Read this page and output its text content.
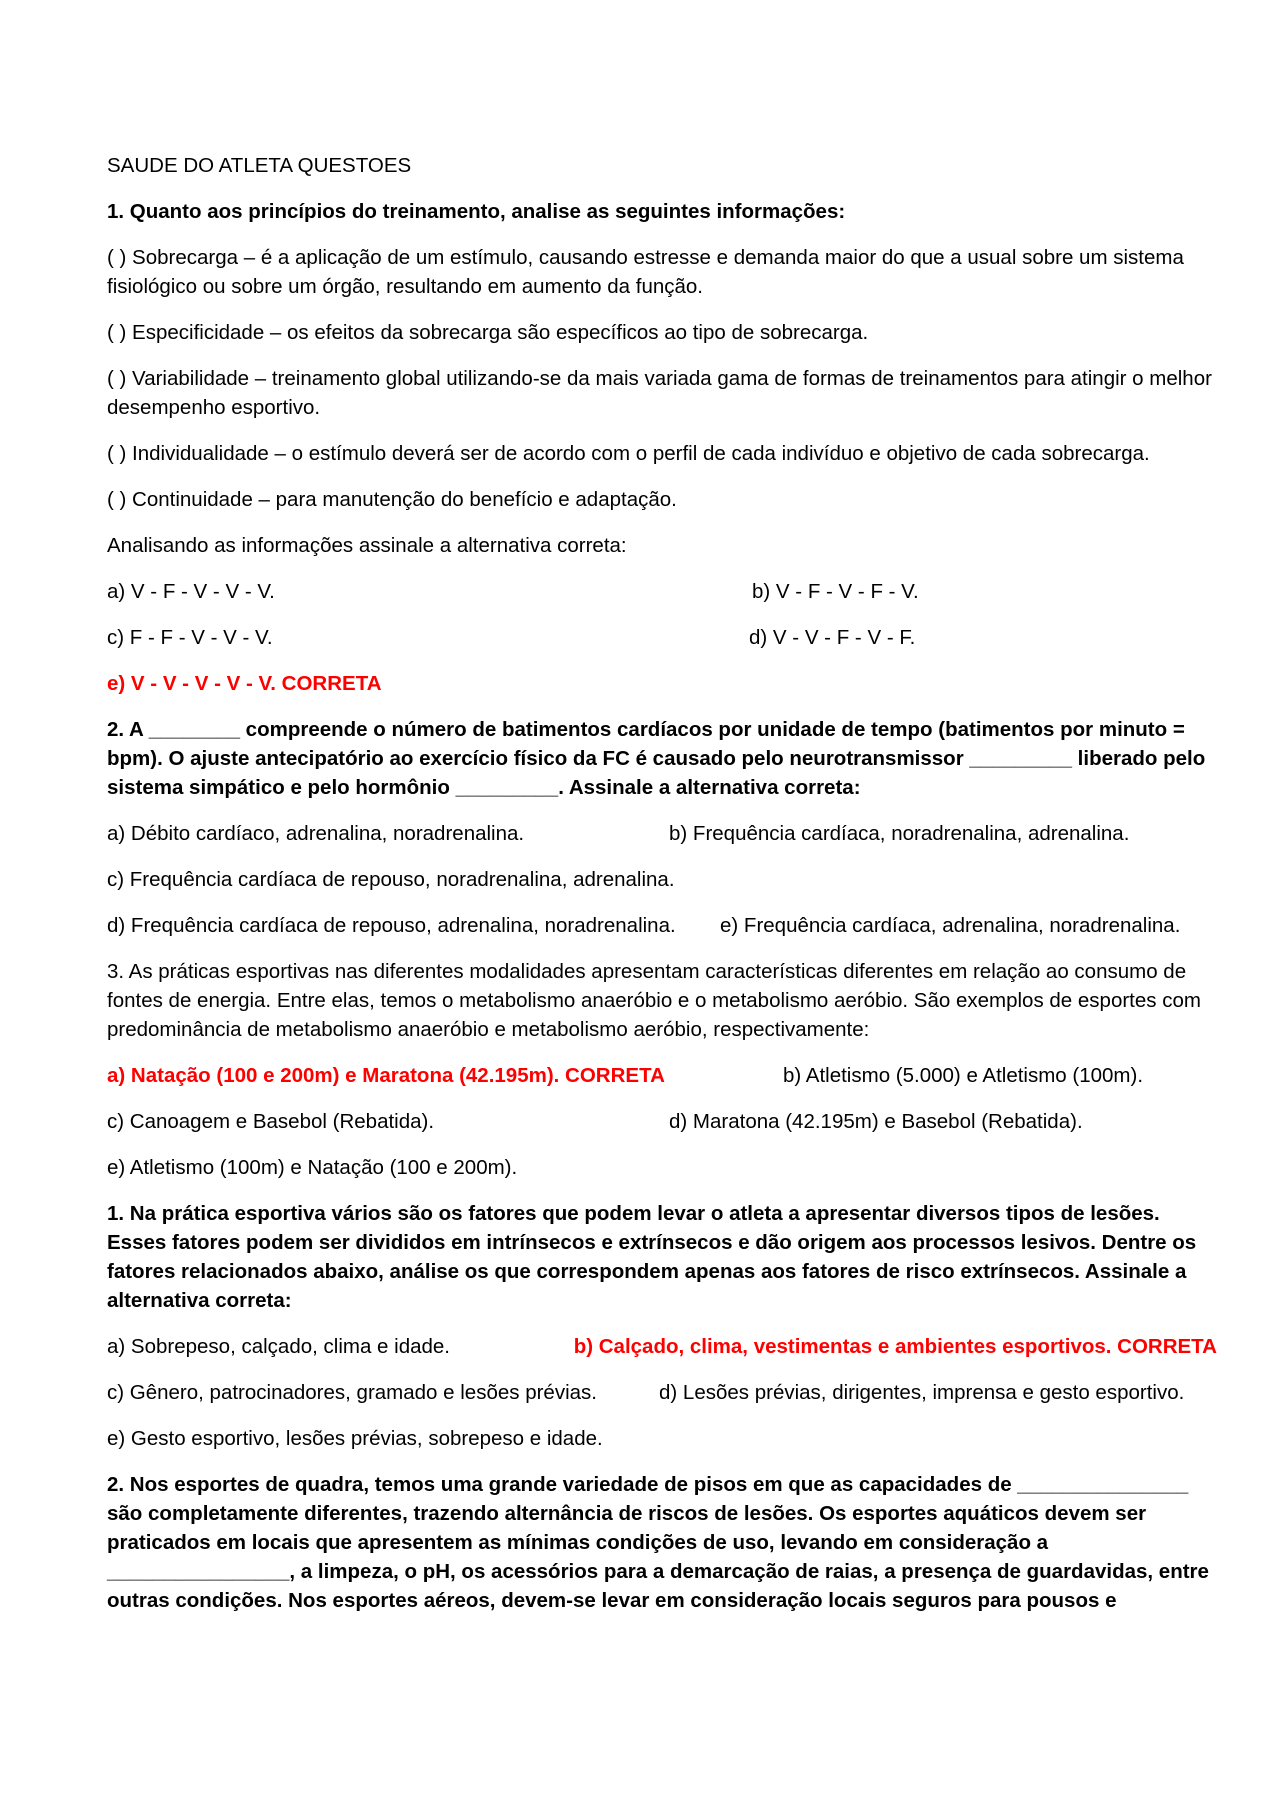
SAUDE DO ATLETA QUESTOES

1. Quanto aos princípios do treinamento, analise as seguintes informações:

( ) Sobrecarga – é a aplicação de um estímulo, causando estresse e demanda maior do que a usual sobre um sistema fisiológico ou sobre um órgão, resultando em aumento da função.

( ) Especificidade – os efeitos da sobrecarga são específicos ao tipo de sobrecarga.

( ) Variabilidade – treinamento global utilizando-se da mais variada gama de formas de treinamentos para atingir o melhor desempenho esportivo.

( ) Individualidade – o estímulo deverá ser de acordo com o perfil de cada indivíduo e objetivo de cada sobrecarga.

( ) Continuidade – para manutenção do benefício e adaptação.

Analisando as informações assinale a alternativa correta:

a) V - F - V - V - V.	b) V - F - V - F - V.
c) F - F - V - V - V.	d) V - V - F - V - F.

e) V - V - V - V - V. CORRETA

2. A ________ compreende o número de batimentos cardíacos por unidade de tempo (batimentos por minuto = bpm). O ajuste antecipatório ao exercício físico da FC é causado pelo neurotransmissor _________ liberado pelo sistema simpático e pelo hormônio _________. Assinale a alternativa correta:

a) Débito cardíaco, adrenalina, noradrenalina.	b) Frequência cardíaca, noradrenalina, adrenalina.

c) Frequência cardíaca de repouso, noradrenalina, adrenalina.

d) Frequência cardíaca de repouso, adrenalina, noradrenalina.	e) Frequência cardíaca, adrenalina, noradrenalina.

3. As práticas esportivas nas diferentes modalidades apresentam características diferentes em relação ao consumo de fontes de energia. Entre elas, temos o metabolismo anaeróbio e o metabolismo aeróbio. São exemplos de esportes com predominância de metabolismo anaeróbio e metabolismo aeróbio, respectivamente:

a) Natação (100 e 200m) e Maratona (42.195m). CORRETA	b) Atletismo (5.000) e Atletismo (100m).
c) Canoagem e Basebol (Rebatida).	d) Maratona (42.195m) e Basebol (Rebatida).

e) Atletismo (100m) e Natação (100 e 200m).

1. Na prática esportiva vários são os fatores que podem levar o atleta a apresentar diversos tipos de lesões. Esses fatores podem ser divididos em intrínsecos e extrínsecos e dão origem aos processos lesivos. Dentre os fatores relacionados abaixo, análise os que correspondem apenas aos fatores de risco extrínsecos. Assinale a alternativa correta:

a) Sobrepeso, calçado, clima e idade.	b) Calçado, clima, vestimentas e ambientes esportivos. CORRETA
c) Gênero, patrocinadores, gramado e lesões prévias.	d) Lesões prévias, dirigentes, imprensa e gesto esportivo.

e) Gesto esportivo, lesões prévias, sobrepeso e idade.

2. Nos esportes de quadra, temos uma grande variedade de pisos em que as capacidades de _______________ são completamente diferentes, trazendo alternância de riscos de lesões. Os esportes aquáticos devem ser praticados em locais que apresentem as mínimas condições de uso, levando em consideração a ________________, a limpeza, o pH, os acessórios para a demarcação de raias, a presença de guardavidas, entre outras condições. Nos esportes aéreos, devem-se levar em consideração locais seguros para pousos e
